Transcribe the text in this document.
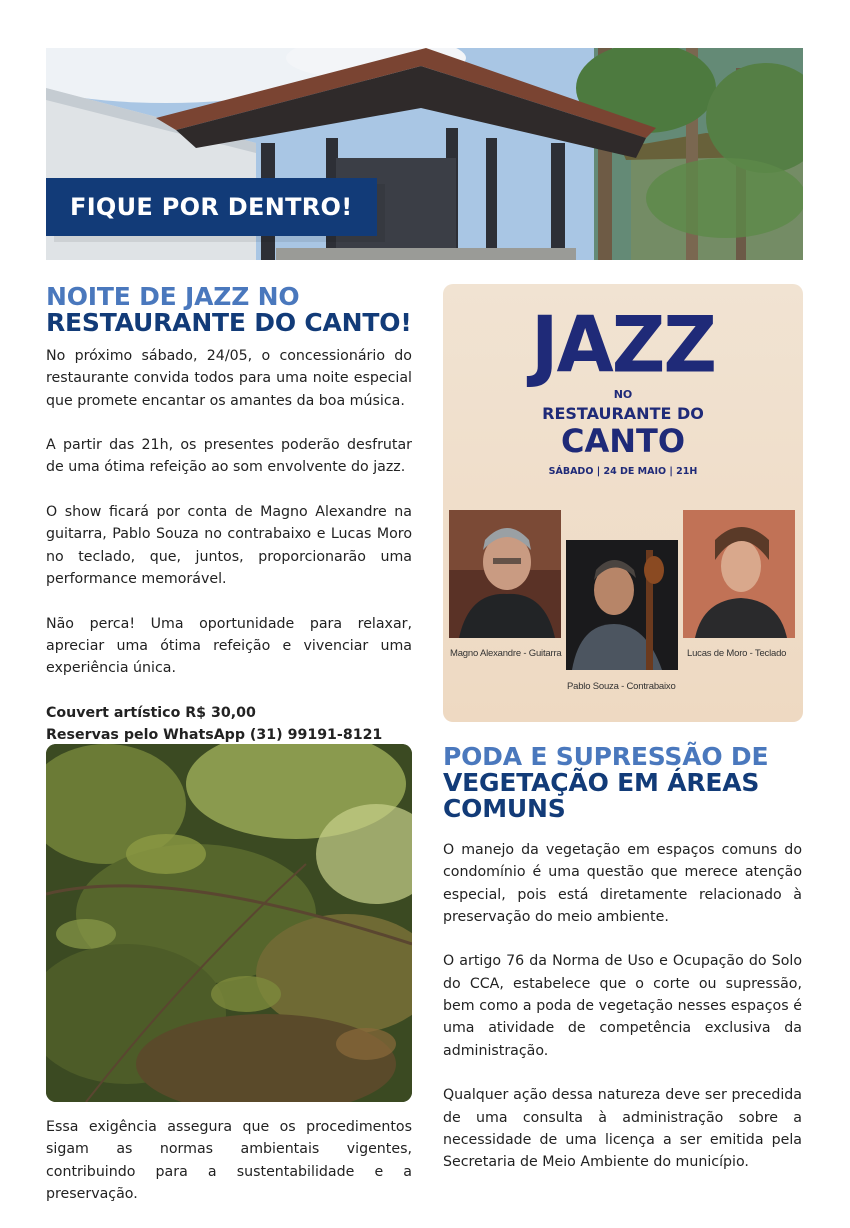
FIQUE POR DENTRO!
NOITE DE JAZZ NO
RESTAURANTE DO CANTO!

No próximo sábado, 24/05, o concessionário do restaurante convida todos para uma noite especial que promete encantar os amantes da boa música.

A partir das 21h, os presentes poderão desfrutar de uma ótima refeição ao som envolvente do jazz.

O show ficará por conta de Magno Alexandre na guitarra, Pablo Souza no contrabaixo e Lucas Moro no teclado, que, juntos, proporcionarão uma performance memorável.

Não perca! Uma oportunidade para relaxar, apreciar uma ótima refeição e vivenciar uma experiência única.

Couvert artístico R$ 30,00
Reservas pelo WhatsApp (31) 99191-8121
JAZZ
NO
RESTAURANTE DO
CANTO
SÁBADO | 24 DE MAIO | 21H
Magno Alexandre - Guitarra
Pablo Souza - Contrabaixo
Lucas de Moro - Teclado

Essa exigência assegura que os procedimentos sigam as normas ambientais vigentes, contribuindo para a sustentabilidade e a preservação.

PODA E SUPRESSÃO DE
VEGETAÇÃO EM ÁREAS
COMUNS

O manejo da vegetação em espaços comuns do condomínio é uma questão que merece atenção especial, pois está diretamente relacionado à preservação do meio ambiente.

O artigo 76 da Norma de Uso e Ocupação do Solo do CCA, estabelece que o corte ou supressão, bem como a poda de vegetação nesses espaços é uma atividade de competência exclusiva da administração.

Qualquer ação dessa natureza deve ser precedida de uma consulta à administração sobre a necessidade de uma licença a ser emitida pela Secretaria de Meio Ambiente do município.
